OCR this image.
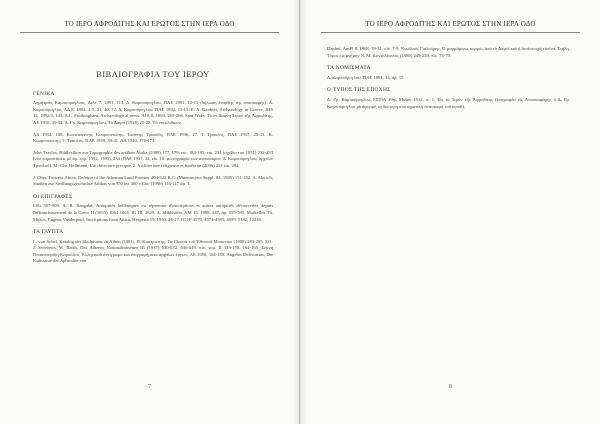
ΤΟ ΙΕΡΟ ΑΦΡΟΔΙΤΗΣ ΚΑΙ ΕΡΩΤΟΣ ΣΤΗΝ ΙΕΡΑ ΟΔΟ
ΒΙΒΛΙΟΓΡΑΦΙΑ ΤΟΥ ΙΕΡΟΥ
ΓΕΝΙΚΑ

Δημήτριος Καμπούρογλους, Δελτ 7, 1891, 113. Δ. Καμπούρογλου, ΠΑΕ 1891, 12-13 (δήλωση έναρξης της ανασκαφής). Δ. Καμπούρογλου, ΑΔ 8, 1892, 4-5, 21, 40, 72. Δ. Καμπούρογλου, ΠΑΕ 1892, 11-13. E. A. Gardner, Archaeology in Greece, JHS 13, 1892/3, 143. A.L. Frothingham, Archaeological news, AJA 8, 1893, 265-266. Sam Wide, Τὸ ἐν Δαφνῃ Ἱερὸν τῆς Ἀφροδίτης, AE 1910, 35-52. Δ. Γρ. Καμπούρογλου, Τὸ Δαφνί (1920) 25-28. Τὸ ννεολιθικόν.

ΑΔ 1932, 130. Κωνσταντίνος Κουρουνιώτης, Ἰωάννης Τραυλός, ΠΑΕ 1936, 27. Ἰ. Τραυλός, ΠΑΕ 1937, 25-33. Κ. Κουρουνιώτης, Ἰ. Τραυλός, ΠΑΕ 1939, 39-41. ΑΑ 1940, 170-171.

John Travlos, Bildlexikon zur Topographie des antiken Attika (1988) 177, 179, εικ. 184-185, εικ. 231 (σχέδιο του 1951) 232-233 (νέα παραστάσεις μὲ άρ. επρ. 1592, 1593), 234 (ΠΑΕ 1937, 32, εἰκ. 10: φωτογραφία των ανασκαφών. Δ. Καμπούρογλου, ἀρχεῖον Τραυλοῦ). M.-Chr. Hellmann, L'architecture grecque. 2. Architecture religieuse et funéraire (2006) 211 εικ. 282.

J. Ober, Fortress Attica. Defense of the Athenian Land Frontier 404-322 B.C. (Mnemosyne Suppl. 84, 1985) 151-152. A. Mersch, Studien zur Siedlungsgeschichte Attikas von 950 bis 400 v.Chr. (1996) 116-117 άρ. 1.

ΟΙ ΕΠΙΓΡΑΦΕΣ

CIG 507-509. A. R. Rangabé, Antiquités helléniques ou répertoire d'inscriptions et autres antiquités découvertes depuis l'affranchissement de la Grèce II (1855) 1064-1065. IG III, 3829. A. Mikhhöfer, AM 13, 1888, 347, άρ. 595-595. Markellos Th. Mitsos, Eugene Vanderpool, Inscriptions from Attica, Hesperia 19, 1950, 26-27. IG II² 4570, 4574-4585, 4959, 5182, 13230.

ΤΑ ΓΛΥΠΤΑ

L. von Sybel, Katalog der Skulpturen zu Athen (1881). Π. Καστριώτης, Τὰ Γλυπτὰ τοῦ Ἐθνικοῦ Μουσείου (1908) 283-285, 321. J. Svoronos, W. Barth, Das Athener Nationalmuseum III (1937) 630-632, 646-649, πίν. τομ. II 123-150, 164-165. Σέμνη Παπασπυρίδη-Καρούζου, Ἑλληνικοῦ ἀντίγραφο και ἐπιγραφήματα ἀρχαίων ἔργων, AE 1956, 164-180. Angelos Delivorrias, Die Kultstatue der Aphrodite von

7
ΤΟ ΙΕΡΟ ΑΦΡΟΔΙΤΗΣ ΚΑΙ ΕΡΩΤΟΣ ΣΤΗΝ ΙΕΡΑ ΟΔΟ

Daphni, AntPl 8, 1968, 19-31, πίν. 7-9. Νικόλαος Γιαλούρης, Ὁ μαρμάρινος κορμὸς ἀπὸ τὸ Δαφνὶ καὶ ἡ ἀντίστοιχή εἰκόνα. Στήλη. Τόμος εἰς μνήμην Ν. Μ. Κοντολέοντος (1980) 249-259, πίν. 73-79.

ΤΑ ΝΟΜΙΣΜΑΤΑ

Δ. Καμπούρογλου, ΠΑΕ 1891, 13, άρ. 15.

Ο ΤΥΠΟΣ ΤΗΣ ΕΠΟΧΗΣ

Δ. Γρ. Καμπούρογλου, ΕΣΤΙΑ 19ης Μαΐου 1932, σ. 1: Εἰς τὸ Ἱερὸν τῆς Ἀφροδίτης (ἐπιγραφέα ὡς Ἀνασκαφάρης ὁ Δ. Γρ. Καμπούρογλου μὲ ἀφορμὴ τὴ δεύτερη συστηματικὴ ἀνασκαφὴ τοῦ ἱεροῦ).

8
